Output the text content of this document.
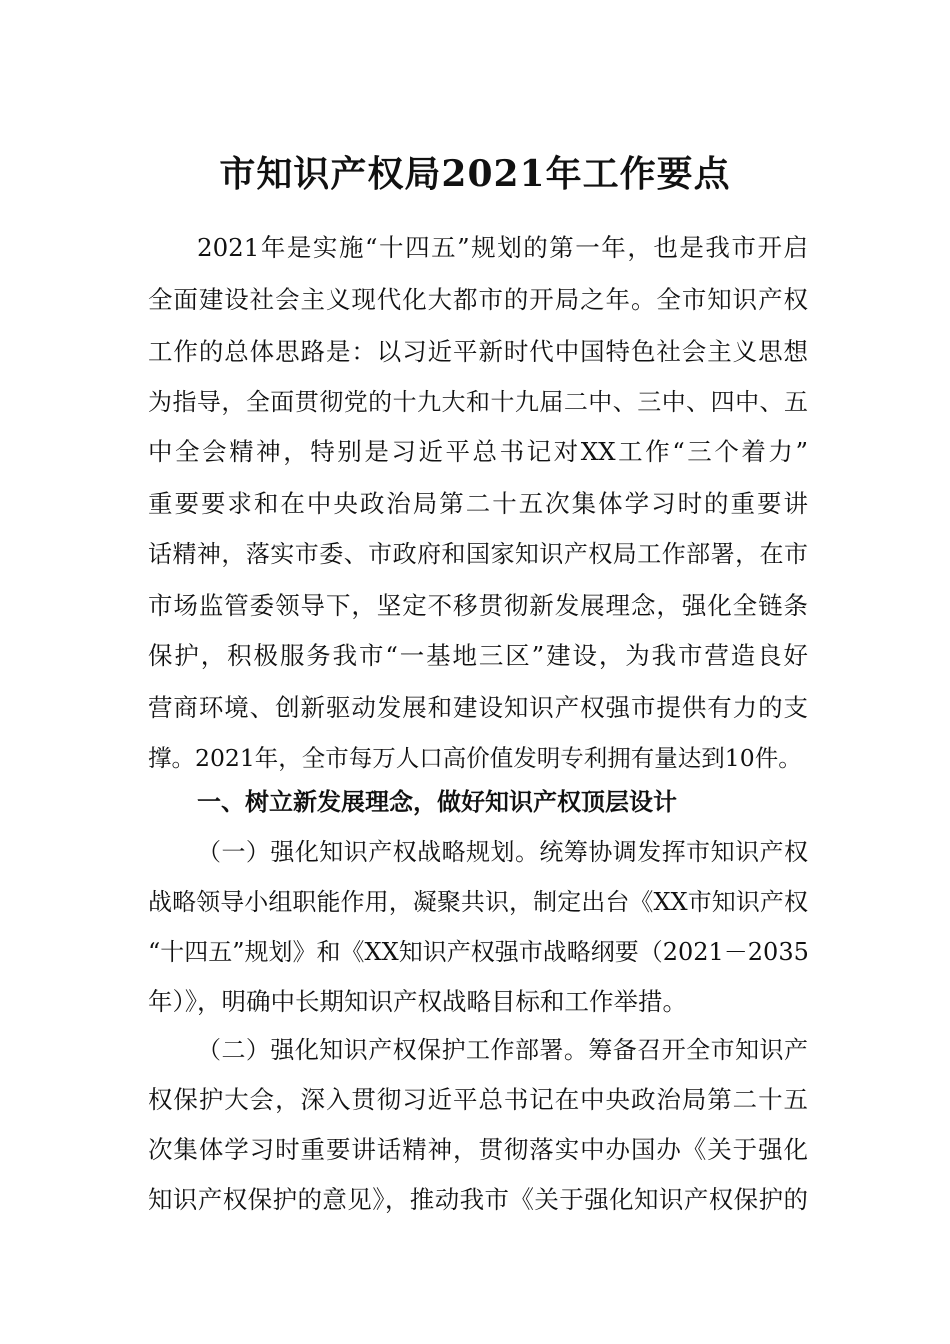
市知识产权局2021年工作要点

2021年是实施“十四五”规划的第一年，也是我市开启

全面建设社会主义现代化大都市的开局之年。全市知识产权

工作的总体思路是：以习近平新时代中国特色社会主义思想

为指导，全面贯彻党的十九大和十九届二中、三中、四中、五

中全会精神，特别是习近平总书记对XX工作“三个着力”

重要要求和在中央政治局第二十五次集体学习时的重要讲

话精神，落实市委、市政府和国家知识产权局工作部署，在市

市场监管委领导下，坚定不移贯彻新发展理念，强化全链条

保护，积极服务我市“一基地三区”建设，为我市营造良好

营商环境、创新驱动发展和建设知识产权强市提供有力的支

撑。2021年，全市每万人口高价值发明专利拥有量达到10件。

一、树立新发展理念，做好知识产权顶层设计

（一）强化知识产权战略规划。统筹协调发挥市知识产权

战略领导小组职能作用，凝聚共识，制定出台《XX市知识产权

“十四五”规划》和《XX知识产权强市战略纲要（2021－2035

年）》，明确中长期知识产权战略目标和工作举措。

（二）强化知识产权保护工作部署。筹备召开全市知识产

权保护大会，深入贯彻习近平总书记在中央政治局第二十五

次集体学习时重要讲话精神，贯彻落实中办国办《关于强化

知识产权保护的意见》，推动我市《关于强化知识产权保护的
